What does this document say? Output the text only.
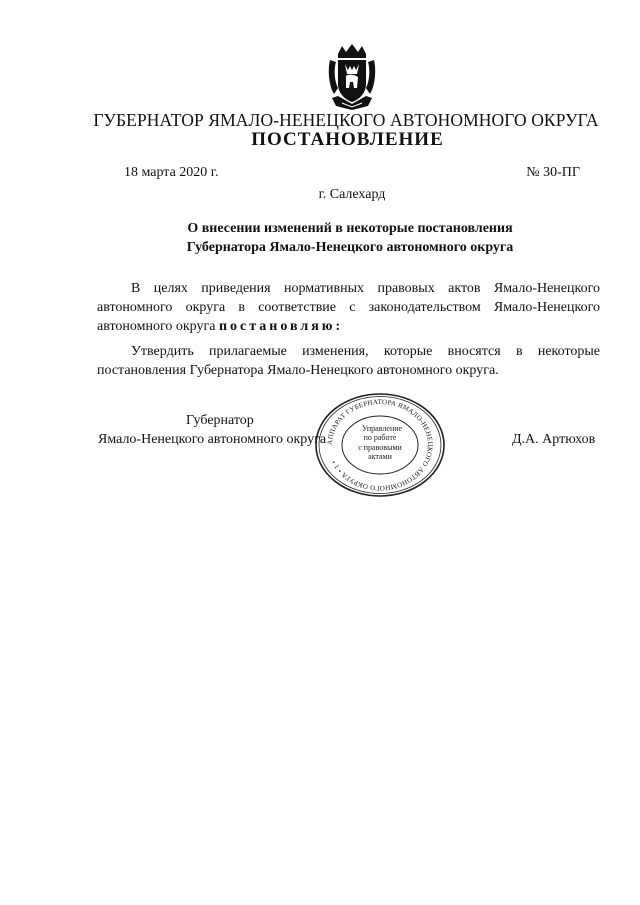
ГУБЕРНАТОР ЯМАЛО-НЕНЕЦКОГО АВТОНОМНОГО ОКРУГА
ПОСТАНОВЛЕНИЕ
18 марта 2020 г.	№ 30-ПГ
г. Салехард
О внесении изменений в некоторые постановления
Губернатора Ямало-Ненецкого автономного округа
В целях приведения нормативных правовых актов Ямало-Ненецкого
автономного округа в соответствие с законодательством Ямало-Ненецкого
автономного округа постановляю:
Утвердить прилагаемые изменения, которые вносятся в некоторые
постановления Губернатора Ямало-Ненецкого автономного округа.
Губернатор
Ямало-Ненецкого автономного округа	Д.А. Артюхов
АППАРАТ ГУБЕРНАТОРА ЯМАЛО-НЕНЕЦКОГО АВТОНОМНОГО ОКРУГА • 1 •
Управление
по работе
с правовыми
актами
